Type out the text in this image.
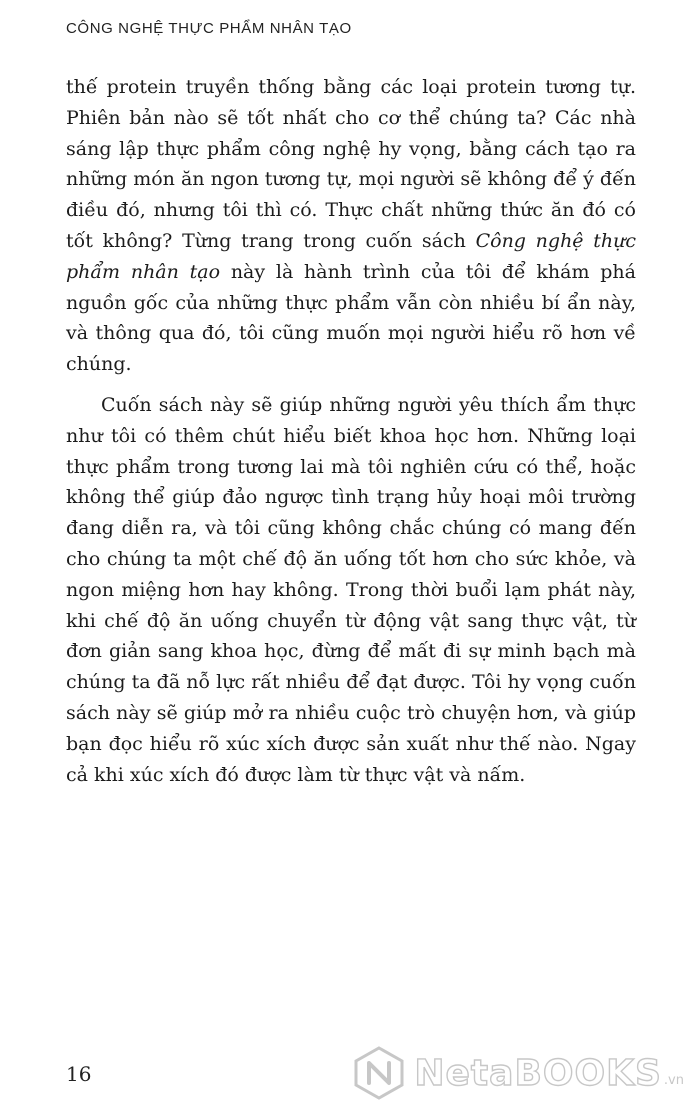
CÔNG NGHỆ THỰC PHẨM NHÂN TẠO

thế protein truyền thống bằng các loại protein tương tự. Phiên bản nào sẽ tốt nhất cho cơ thể chúng ta? Các nhà sáng lập thực phẩm công nghệ hy vọng, bằng cách tạo ra những món ăn ngon tương tự, mọi người sẽ không để ý đến điều đó, nhưng tôi thì có. Thực chất những thức ăn đó có tốt không? Từng trang trong cuốn sách Công nghệ thực phẩm nhân tạo này là hành trình của tôi để khám phá nguồn gốc của những thực phẩm vẫn còn nhiều bí ẩn này, và thông qua đó, tôi cũng muốn mọi người hiểu rõ hơn về chúng.

Cuốn sách này sẽ giúp những người yêu thích ẩm thực như tôi có thêm chút hiểu biết khoa học hơn. Những loại thực phẩm trong tương lai mà tôi nghiên cứu có thể, hoặc không thể giúp đảo ngược tình trạng hủy hoại môi trường đang diễn ra, và tôi cũng không chắc chúng có mang đến cho chúng ta một chế độ ăn uống tốt hơn cho sức khỏe, và ngon miệng hơn hay không. Trong thời buổi lạm phát này, khi chế độ ăn uống chuyển từ động vật sang thực vật, từ đơn giản sang khoa học, đừng để mất đi sự minh bạch mà chúng ta đã nỗ lực rất nhiều để đạt được. Tôi hy vọng cuốn sách này sẽ giúp mở ra nhiều cuộc trò chuyện hơn, và giúp bạn đọc hiểu rõ xúc xích được sản xuất như thế nào. Ngay cả khi xúc xích đó được làm từ thực vật và nấm.

16	NetaBOOKS .vn
